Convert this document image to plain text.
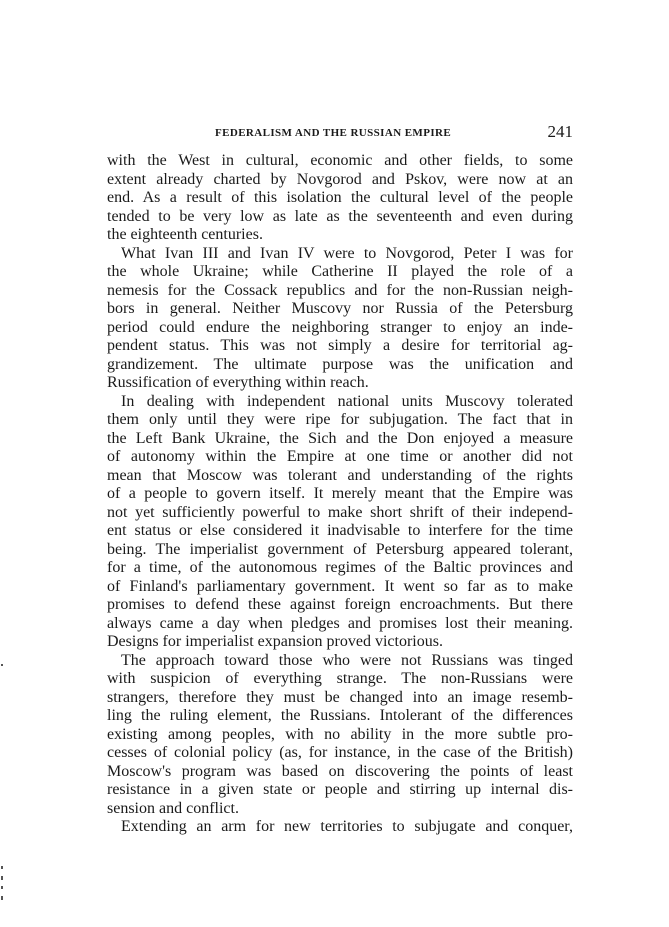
FEDERALISM AND THE RUSSIAN EMPIRE	241
with the West in cultural, economic and other fields, to some
extent already charted by Novgorod and Pskov, were now at an
end. As a result of this isolation the cultural level of the people
tended to be very low as late as the seventeenth and even during
the eighteenth centuries.
What Ivan III and Ivan IV were to Novgorod, Peter I was for
the whole Ukraine; while Catherine II played the role of a
nemesis for the Cossack republics and for the non-Russian neigh-
bors in general. Neither Muscovy nor Russia of the Petersburg
period could endure the neighboring stranger to enjoy an inde-
pendent status. This was not simply a desire for territorial ag-
grandizement. The ultimate purpose was the unification and
Russification of everything within reach.
In dealing with independent national units Muscovy tolerated
them only until they were ripe for subjugation. The fact that in
the Left Bank Ukraine, the Sich and the Don enjoyed a measure
of autonomy within the Empire at one time or another did not
mean that Moscow was tolerant and understanding of the rights
of a people to govern itself. It merely meant that the Empire was
not yet sufficiently powerful to make short shrift of their independ-
ent status or else considered it inadvisable to interfere for the time
being. The imperialist government of Petersburg appeared tolerant,
for a time, of the autonomous regimes of the Baltic provinces and
of Finland's parliamentary government. It went so far as to make
promises to defend these against foreign encroachments. But there
always came a day when pledges and promises lost their meaning.
Designs for imperialist expansion proved victorious.
The approach toward those who were not Russians was tinged
with suspicion of everything strange. The non-Russians were
strangers, therefore they must be changed into an image resemb-
ling the ruling element, the Russians. Intolerant of the differences
existing among peoples, with no ability in the more subtle pro-
cesses of colonial policy (as, for instance, in the case of the British)
Moscow's program was based on discovering the points of least
resistance in a given state or people and stirring up internal dis-
sension and conflict.
Extending an arm for new territories to subjugate and conquer,
